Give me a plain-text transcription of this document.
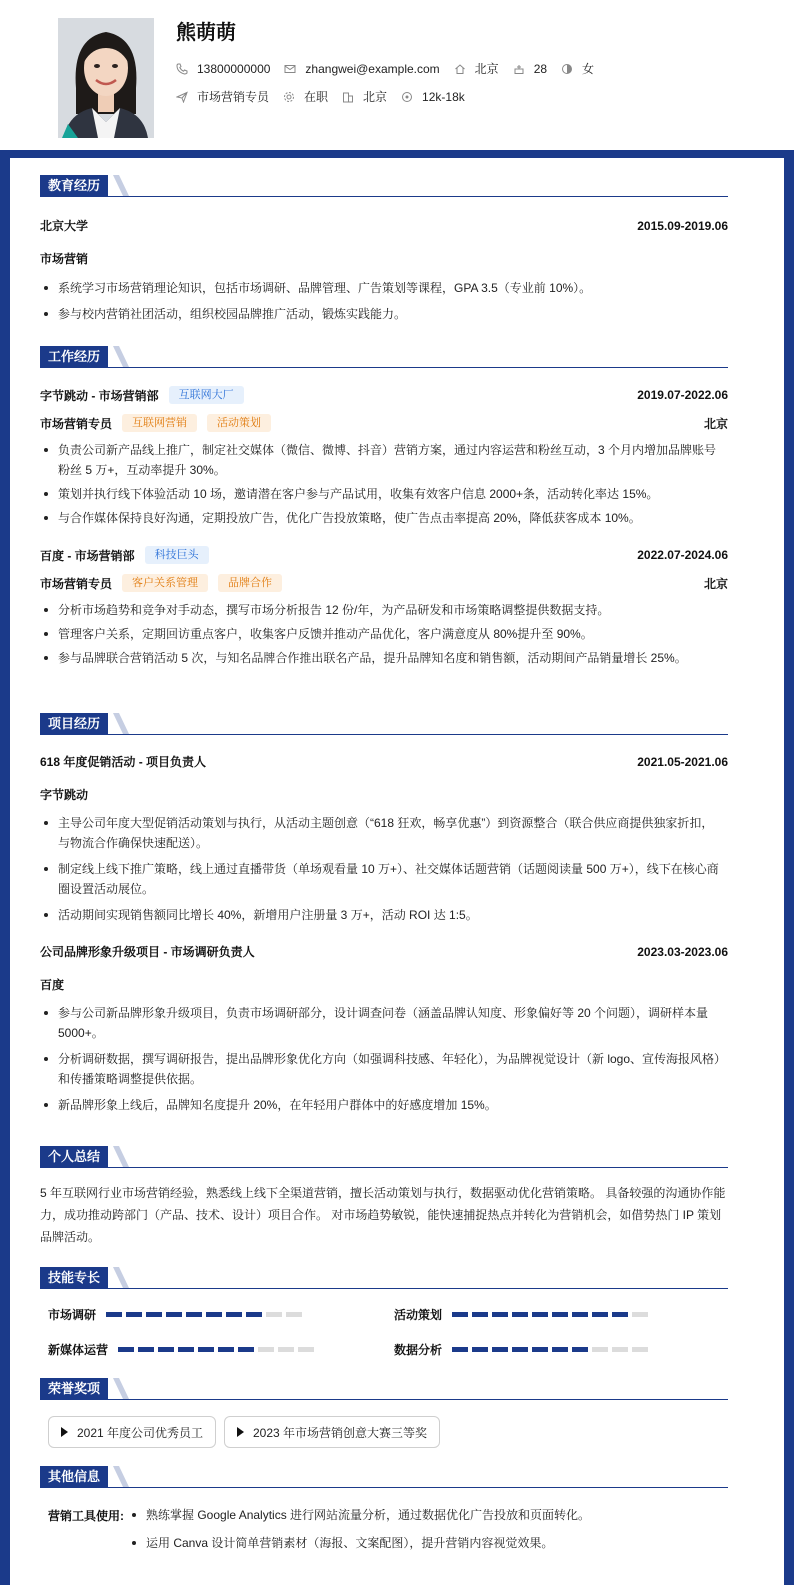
熊萌萌
13800000000	zhangwei@example.com	北京	28	女
市场营销专员	在职	北京	12k-18k
教育经历
北京大学	2015.09-2019.06
市场营销
系统学习市场营销理论知识，包括市场调研、品牌管理、广告策划等课程，GPA 3.5（专业前 10%）。
参与校内营销社团活动，组织校园品牌推广活动，锻炼实践能力。
工作经历
字节跳动 - 市场营销部	互联网大厂	2019.07-2022.06
市场营销专员	互联网营销	活动策划	北京
负责公司新产品线上推广，制定社交媒体（微信、微博、抖音）营销方案，通过内容运营和粉丝互动，3 个月内增加品牌账号
粉丝 5 万+，互动率提升 30%。
策划并执行线下体验活动 10 场，邀请潜在客户参与产品试用，收集有效客户信息 2000+条，活动转化率达 15%。
与合作媒体保持良好沟通，定期投放广告，优化广告投放策略，使广告点击率提高 20%，降低获客成本 10%。
百度 - 市场营销部	科技巨头	2022.07-2024.06
市场营销专员	客户关系管理	品牌合作	北京
分析市场趋势和竞争对手动态，撰写市场分析报告 12 份/年，为产品研发和市场策略调整提供数据支持。
管理客户关系，定期回访重点客户，收集客户反馈并推动产品优化，客户满意度从 80%提升至 90%。
参与品牌联合营销活动 5 次，与知名品牌合作推出联名产品，提升品牌知名度和销售额，活动期间产品销量增长 25%。
项目经历
618 年度促销活动 - 项目负责人	2021.05-2021.06
字节跳动
主导公司年度大型促销活动策划与执行，从活动主题创意（“618 狂欢，畅享优惠”）到资源整合（联合供应商提供独家折扣，
与物流合作确保快速配送）。
制定线上线下推广策略，线上通过直播带货（单场观看量 10 万+）、社交媒体话题营销（话题阅读量 500 万+），线下在核心商
圈设置活动展位。
活动期间实现销售额同比增长 40%，新增用户注册量 3 万+，活动 ROI 达 1:5。
公司品牌形象升级项目 - 市场调研负责人	2023.03-2023.06
百度
参与公司新品牌形象升级项目，负责市场调研部分，设计调查问卷（涵盖品牌认知度、形象偏好等 20 个问题），调研样本量
5000+。
分析调研数据，撰写调研报告，提出品牌形象优化方向（如强调科技感、年轻化），为品牌视觉设计（新 logo、宣传海报风格）
和传播策略调整提供依据。
新品牌形象上线后，品牌知名度提升 20%，在年轻用户群体中的好感度增加 15%。
个人总结
5 年互联网行业市场营销经验，熟悉线上线下全渠道营销，擅长活动策划与执行，数据驱动优化营销策略。 具备较强的沟通协作能
力，成功推动跨部门（产品、技术、设计）项目合作。 对市场趋势敏锐，能快速捕捉热点并转化为营销机会，如借势热门 IP 策划
品牌活动。
技能专长
市场调研	活动策划
新媒体运营	数据分析
荣誉奖项
2021 年度公司优秀员工	2023 年市场营销创意大赛三等奖
其他信息
营销工具使用:	熟练掌握 Google Analytics 进行网站流量分析，通过数据优化广告投放和页面转化。
运用 Canva 设计简单营销素材（海报、文案配图），提升营销内容视觉效果。
